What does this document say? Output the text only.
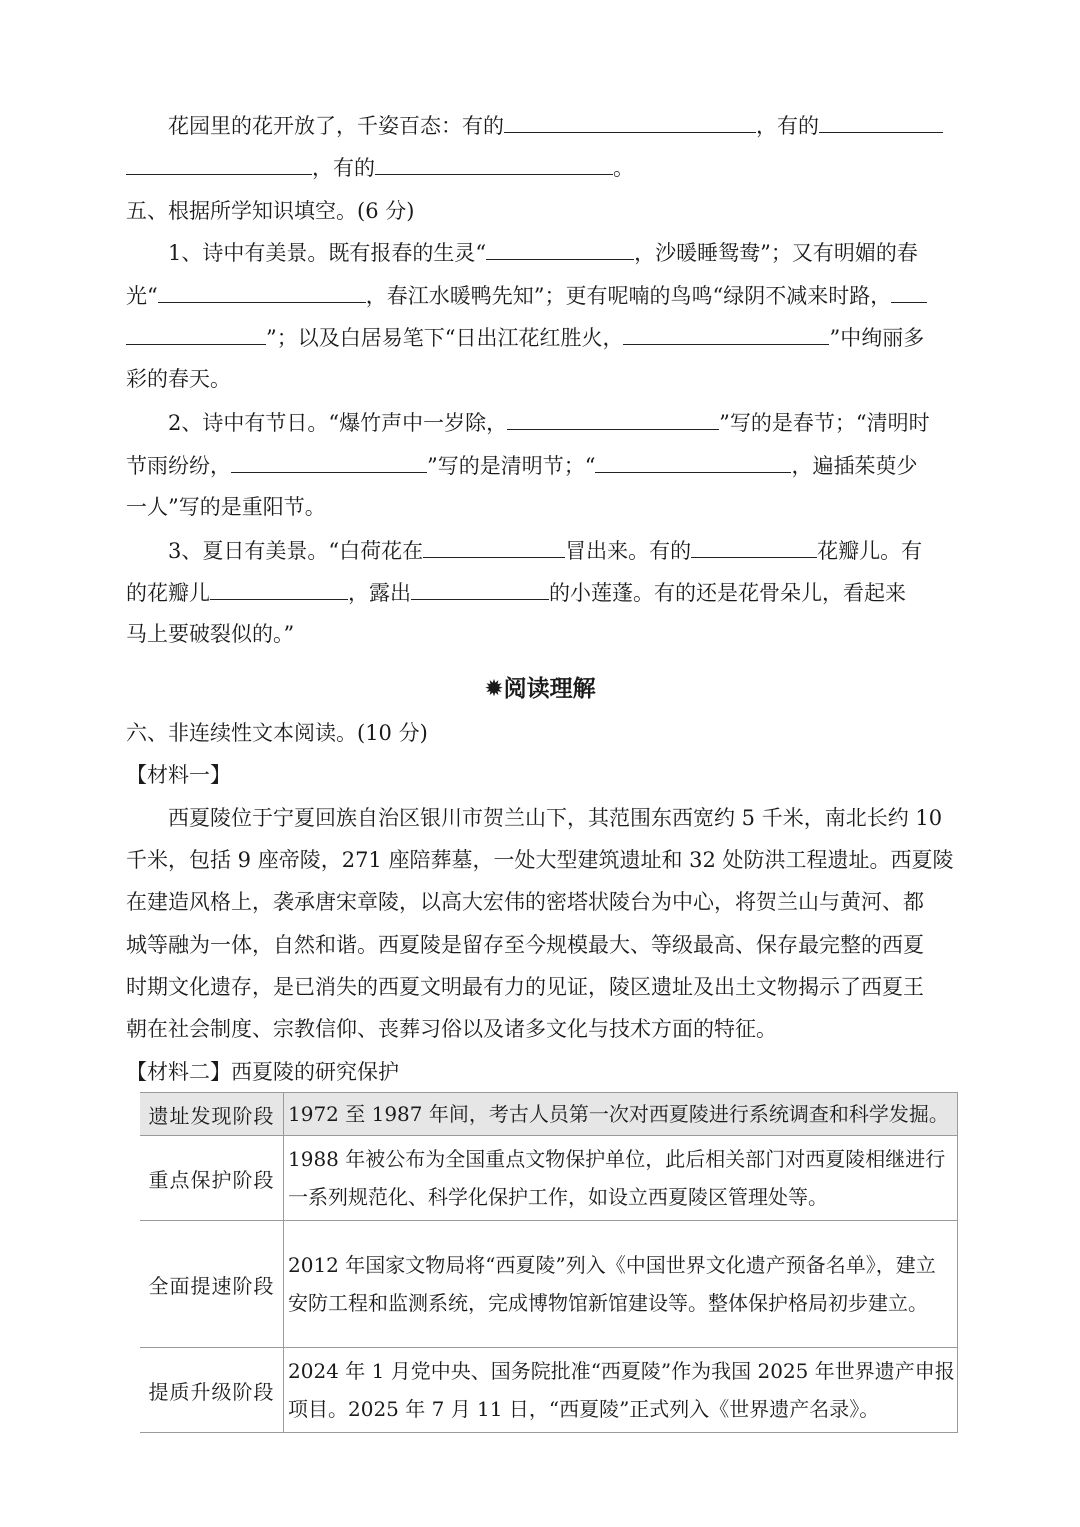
花园里的花开放了，千姿百态：有的	，有的
，有的	。
五、根据所学知识填空。(6 分)
1、诗中有美景。既有报春的生灵“	，沙暖睡鸳鸯”；又有明媚的春
光“	，春江水暖鸭先知”；更有呢喃的鸟鸣“绿阴不减来时路，
”；以及白居易笔下“日出江花红胜火，	”中绚丽多
彩的春天。
2、诗中有节日。“爆竹声中一岁除，	”写的是春节；“清明时
节雨纷纷，	”写的是清明节；“	，遍插茱萸少
一人”写的是重阳节。
3、夏日有美景。“白荷花在	冒出来。有的	花瓣儿。有
的花瓣儿	，露出	的小莲蓬。有的还是花骨朵儿，看起来
马上要破裂似的。”
✹阅读理解
六、非连续性文本阅读。(10 分)
【材料一】
西夏陵位于宁夏回族自治区银川市贺兰山下，其范围东西宽约 5 千米，南北长约 10
千米，包括 9 座帝陵，271 座陪葬墓，一处大型建筑遗址和 32 处防洪工程遗址。西夏陵
在建造风格上，袭承唐宋章陵，以高大宏伟的密塔状陵台为中心，将贺兰山与黄河、都
城等融为一体，自然和谐。西夏陵是留存至今规模最大、等级最高、保存最完整的西夏
时期文化遗存，是已消失的西夏文明最有力的见证，陵区遗址及出土文物揭示了西夏王
朝在社会制度、宗教信仰、丧葬习俗以及诸多文化与技术方面的特征。
【材料二】西夏陵的研究保护
遗址发现阶段	1972 至 1987 年间，考古人员第一次对西夏陵进行系统调查和科学发掘。
重点保护阶段	1988 年被公布为全国重点文物保护单位，此后相关部门对西夏陵相继进行一系列规范化、科学化保护工作，如设立西夏陵区管理处等。
全面提速阶段	2012 年国家文物局将“西夏陵”列入《中国世界文化遗产预备名单》，建立安防工程和监测系统，完成博物馆新馆建设等。整体保护格局初步建立。
提质升级阶段	2024 年 1 月党中央、国务院批准“西夏陵”作为我国 2025 年世界遗产申报项目。2025 年 7 月 11 日，“西夏陵”正式列入《世界遗产名录》。
